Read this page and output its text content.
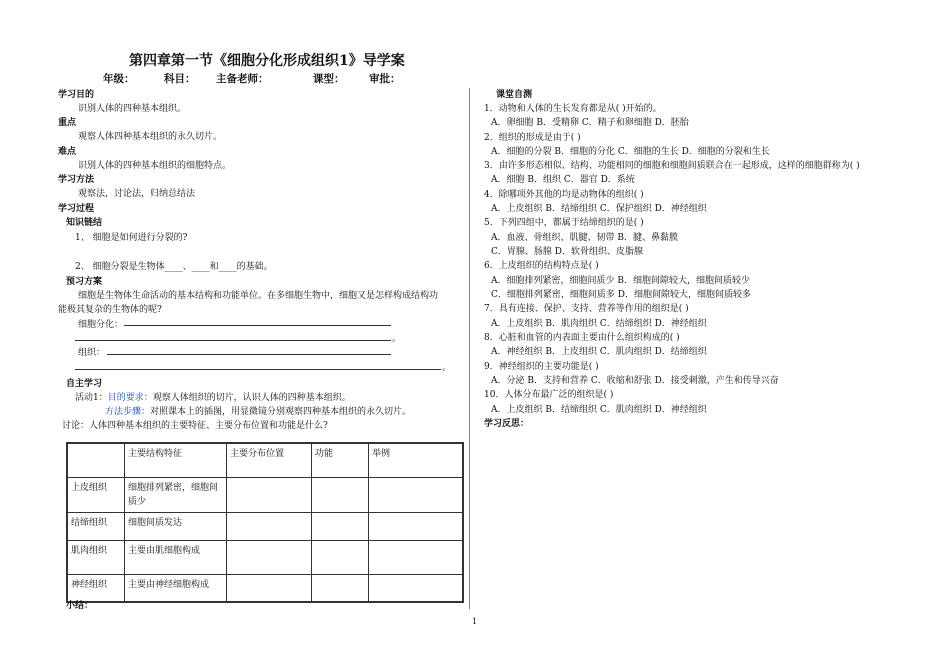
第四章第一节《细胞分化形成组织1》导学案
年级：	科目： 主备老师：	课型： 审批：
学习目的
识别人体的四种基本组织。
重点
观察人体四种基本组织的永久切片。
难点
识别人体的四种基本组织的细胞特点。
学习方法
观察法，讨论法，归纳总结法
学习过程
知识链结
1、 细胞是如何进行分裂的?
2、 细胞分裂是生物体____、____和____的基础。
预习方案
细胞是生物体生命活动的基本结构和功能单位。在多细胞生物中，细胞又是怎样构成结构功
能极其复杂的生物体的呢?
细胞分化：
。
组织：
。
自主学习
活动1：目的要求：观察人体组织的切片，认识人体的四种基本组织。
方法步骤：对照课本上的插图，用显微镜分别观察四种基本组织的永久切片。
讨论：人体四种基本组织的主要特征、主要分布位置和功能是什么?
	主要结构特征	主要分布位置	功能	举例
上皮组织	细胞排列紧密，细胞间质少			
结缔组织	细胞间质发达			
肌肉组织	主要由肌细胞构成			
神经组织	主要由神经细胞构成			
小结：
课堂自测
1．动物和人体的生长发育都是从( )开始的。
A．卵细胞 B．受精卵 C．精子和卵细胞 D．胚胎
2．组织的形成是由于( )
A．细胞的分裂 B．细胞的分化 C．细胞的生长 D．细胞的分裂和生长
3．由许多形态相似、结构、功能相同的细胞和细胞间质联合在一起形成，这样的细胞群称为( )
A．细胞 B．组织 C．器官 D．系统
4．除哪项外其他的均是动物体的组织( )
A．上皮组织 B．结缔组织 C．保护组织 D．神经组织
5．下列四组中，都属于结缔组织的是( )
A．血液、骨组织、肌腱、韧带 B．腱、鼻黏膜
C．胃腺、肠腺 D．软骨组织、皮脂腺
6．上皮组织的结构特点是( )
A．细胞排列紧密，细胞间质少 B．细胞间隙较大，细胞间质较少
C．细胞排列紧密，细胞间质多 D．细胞间隙较大，细胞间质较多
7．具有连接、保护、支持、营养等作用的组织是( )
A．上皮组织 B．肌肉组织 C．结缔组织 D．神经组织
8．心脏和血管的内表面主要由什么组织构成的( )
A．神经组织 B．上皮组织 C．肌肉组织 D．结缔组织
9．神经组织的主要功能是( )
A．分泌 B．支持和营养 C．收缩和舒张 D．接受刺激，产生和传导兴奋
10．人体分布最广泛的组织是( )
A．上皮组织 B．结缔组织 C．肌肉组织 D．神经组织
学习反思：
1
